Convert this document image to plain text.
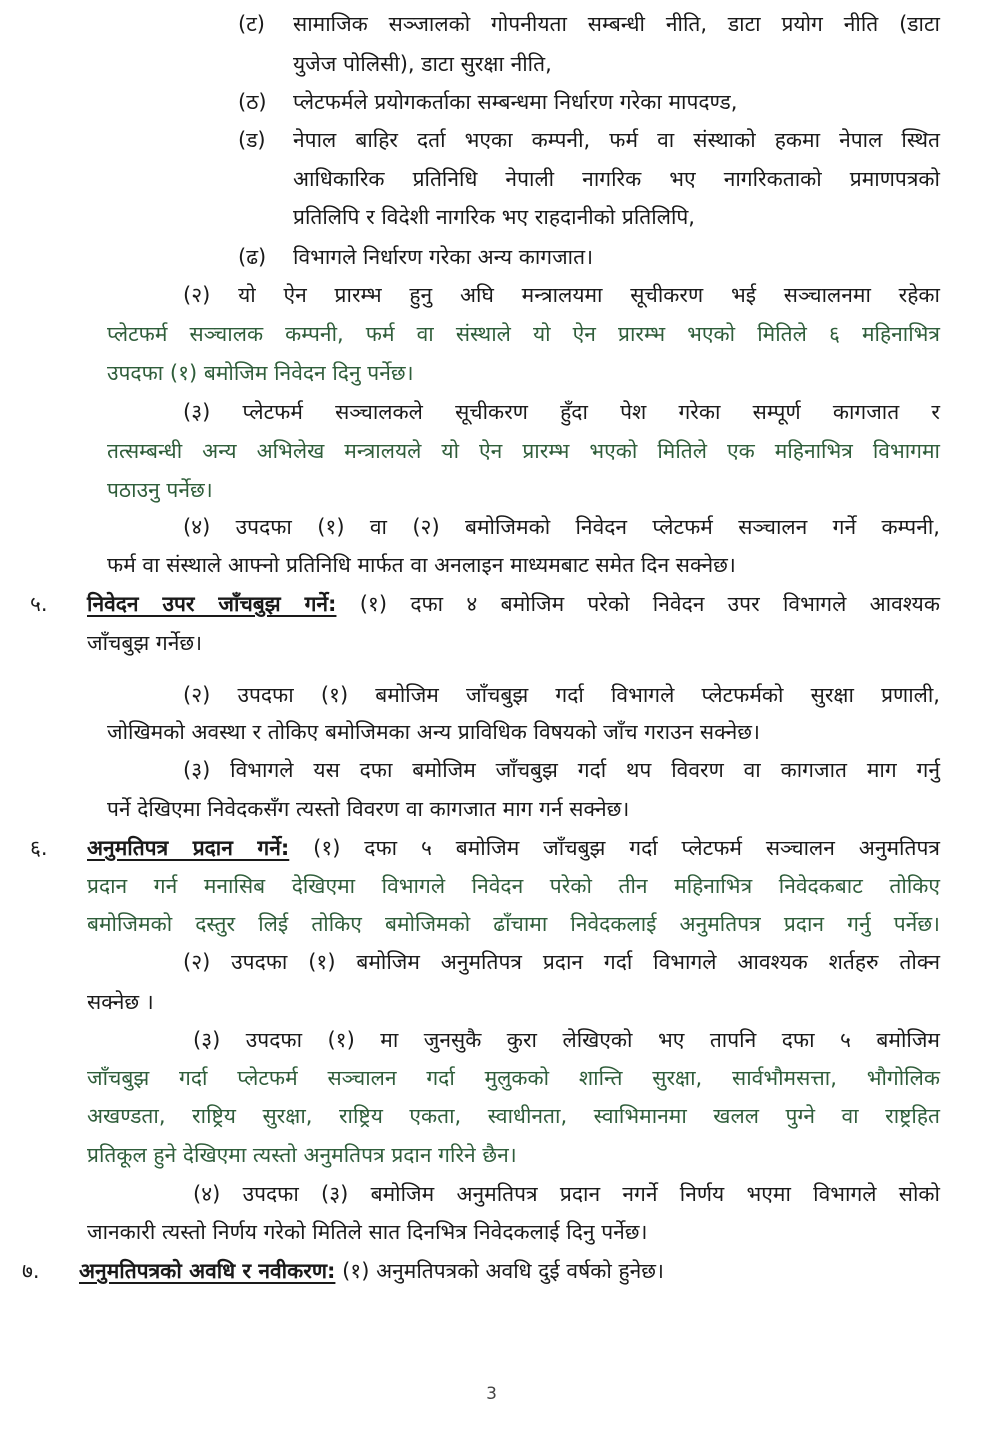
(ट) सामाजिक सञ्जालको गोपनीयता सम्बन्धी नीति, डाटा प्रयोग नीति (डाटा
युजेज पोलिसी), डाटा सुरक्षा नीति,
(ठ) प्लेटफर्मले प्रयोगकर्ताका सम्बन्धमा निर्धारण गरेका मापदण्ड,
(ड) नेपाल बाहिर दर्ता भएका कम्पनी, फर्म वा संस्थाको हकमा नेपाल स्थित
आधिकारिक प्रतिनिधि नेपाली नागरिक भए नागरिकताको प्रमाणपत्रको
प्रतिलिपि र विदेशी नागरिक भए राहदानीको प्रतिलिपि,
(ढ) विभागले निर्धारण गरेका अन्य कागजात।
(२) यो ऐन प्रारम्भ हुनु अघि मन्त्रालयमा सूचीकरण भई सञ्चालनमा रहेका
प्लेटफर्म सञ्चालक कम्पनी, फर्म वा संस्थाले यो ऐन प्रारम्भ भएको मितिले ६ महिनाभित्र
उपदफा (१) बमोजिम निवेदन दिनु पर्नेछ।
(३) प्लेटफर्म सञ्चालकले सूचीकरण हुँदा पेश गरेका सम्पूर्ण कागजात र
तत्सम्बन्धी अन्य अभिलेख मन्त्रालयले यो ऐन प्रारम्भ भएको मितिले एक महिनाभित्र विभागमा
पठाउनु पर्नेछ।
(४) उपदफा (१) वा (२) बमोजिमको निवेदन प्लेटफर्म सञ्चालन गर्ने कम्पनी,
फर्म वा संस्थाले आफ्नो प्रतिनिधि मार्फत वा अनलाइन माध्यमबाट समेत दिन सक्नेछ।
५. निवेदन उपर जाँचबुझ गर्ने: (१) दफा ४ बमोजिम परेको निवेदन उपर विभागले आवश्यक
जाँचबुझ गर्नेछ।
(२) उपदफा (१) बमोजिम जाँचबुझ गर्दा विभागले प्लेटफर्मको सुरक्षा प्रणाली,
जोखिमको अवस्था र तोकिए बमोजिमका अन्य प्राविधिक विषयको जाँच गराउन सक्नेछ।
(३) विभागले यस दफा बमोजिम जाँचबुझ गर्दा थप विवरण वा कागजात माग गर्नु
पर्ने देखिएमा निवेदकसँग त्यस्तो विवरण वा कागजात माग गर्न सक्नेछ।
६. अनुमतिपत्र प्रदान गर्ने: (१) दफा ५ बमोजिम जाँचबुझ गर्दा प्लेटफर्म सञ्चालन अनुमतिपत्र
प्रदान गर्न मनासिब देखिएमा विभागले निवेदन परेको तीन महिनाभित्र निवेदकबाट तोकिए
बमोजिमको दस्तुर लिई तोकिए बमोजिमको ढाँचामा निवेदकलाई अनुमतिपत्र प्रदान गर्नु पर्नेछ।
(२) उपदफा (१) बमोजिम अनुमतिपत्र प्रदान गर्दा विभागले आवश्यक शर्तहरु तोक्न
सक्नेछ ।
(३) उपदफा (१) मा जुनसुकै कुरा लेखिएको भए तापनि दफा ५ बमोजिम
जाँचबुझ गर्दा प्लेटफर्म सञ्चालन गर्दा मुलुकको शान्ति सुरक्षा, सार्वभौमसत्ता, भौगोलिक
अखण्डता, राष्ट्रिय सुरक्षा, राष्ट्रिय एकता, स्वाधीनता, स्वाभिमानमा खलल पुग्ने वा राष्ट्रहित
प्रतिकूल हुने देखिएमा त्यस्तो अनुमतिपत्र प्रदान गरिने छैन।
(४) उपदफा (३) बमोजिम अनुमतिपत्र प्रदान नगर्ने निर्णय भएमा विभागले सोको
जानकारी त्यस्तो निर्णय गरेको मितिले सात दिनभित्र निवेदकलाई दिनु पर्नेछ।
७. अनुमतिपत्रको अवधि र नवीकरण: (१) अनुमतिपत्रको अवधि दुई वर्षको हुनेछ।
3
